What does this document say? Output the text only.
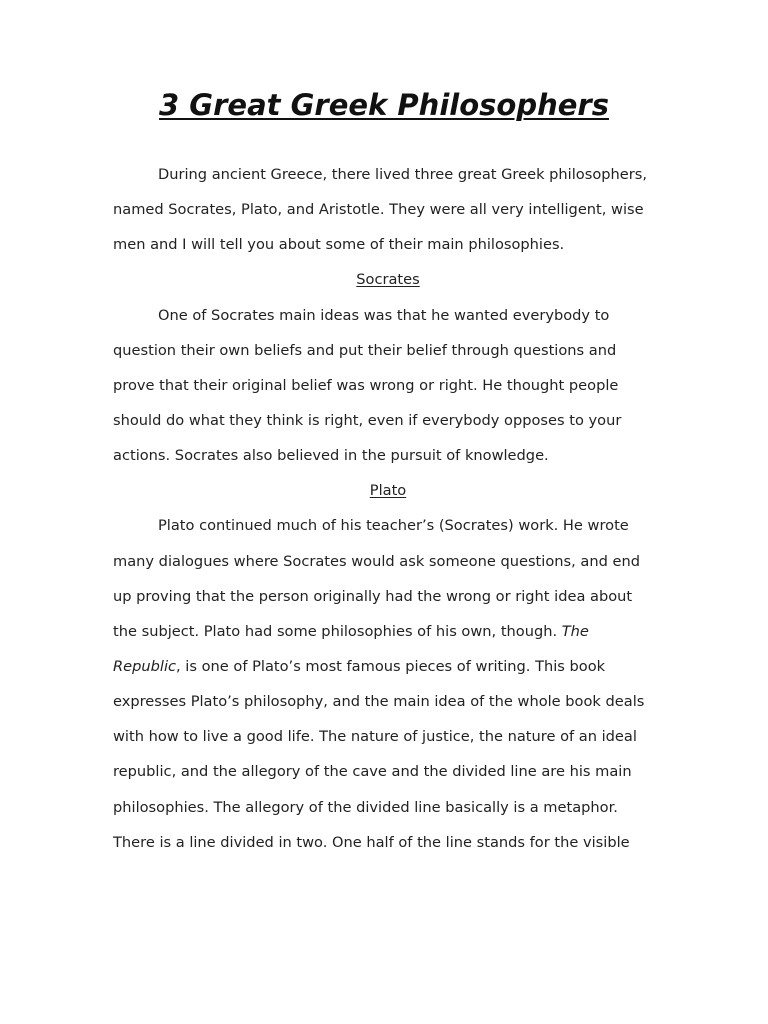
3 Great Greek Philosophers
During ancient Greece, there lived three great Greek philosophers,
named Socrates, Plato, and Aristotle. They were all very intelligent, wise
men and I will tell you about some of their main philosophies.
Socrates
One of Socrates main ideas was that he wanted everybody to
question their own beliefs and put their belief through questions and
prove that their original belief was wrong or right. He thought people
should do what they think is right, even if everybody opposes to your
actions. Socrates also believed in the pursuit of knowledge.
Plato
Plato continued much of his teacher’s (Socrates) work. He wrote
many dialogues where Socrates would ask someone questions, and end
up proving that the person originally had the wrong or right idea about
the subject. Plato had some philosophies of his own, though. The
Republic, is one of Plato’s most famous pieces of writing. This book
expresses Plato’s philosophy, and the main idea of the whole book deals
with how to live a good life. The nature of justice, the nature of an ideal
republic, and the allegory of the cave and the divided line are his main
philosophies. The allegory of the divided line basically is a metaphor.
There is a line divided in two. One half of the line stands for the visible
